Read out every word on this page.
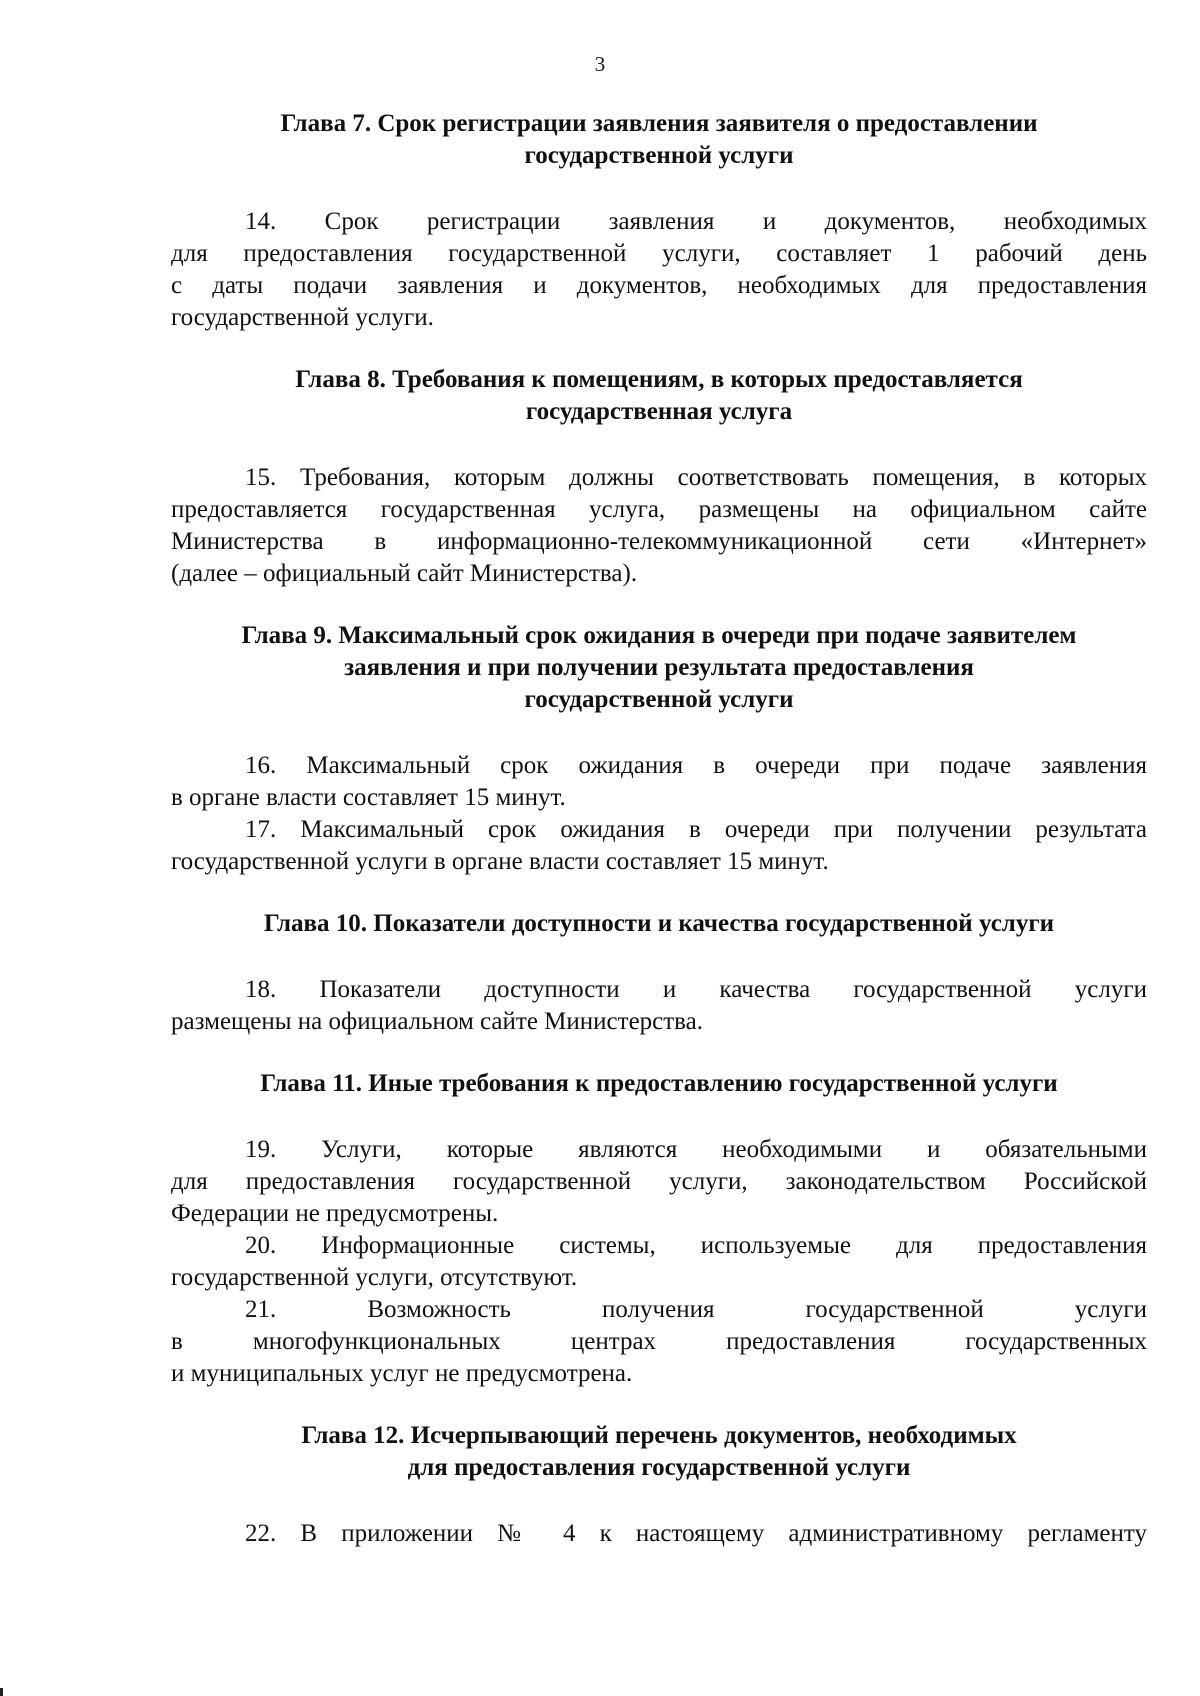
3
Глава 7. Срок регистрации заявления заявителя о предоставлении
государственной услуги

14. Срок регистрации заявления и документов, необходимых
для предоставления государственной услуги, составляет 1 рабочий день
с даты подачи заявления и документов, необходимых для предоставления
государственной услуги.

Глава 8. Требования к помещениям, в которых предоставляется
государственная услуга

15. Требования, которым должны соответствовать помещения, в которых
предоставляется государственная услуга, размещены на официальном сайте
Министерства в информационно-телекоммуникационной сети «Интернет»
(далее – официальный сайт Министерства).

Глава 9. Максимальный срок ожидания в очереди при подаче заявителем
заявления и при получении результата предоставления
государственной услуги

16. Максимальный срок ожидания в очереди при подаче заявления
в органе власти составляет 15 минут.

17. Максимальный срок ожидания в очереди при получении результата
государственной услуги в органе власти составляет 15 минут.

Глава 10. Показатели доступности и качества государственной услуги

18. Показатели доступности и качества государственной услуги
размещены на официальном сайте Министерства.

Глава 11. Иные требования к предоставлению государственной услуги

19. Услуги, которые являются необходимыми и обязательными
для предоставления государственной услуги, законодательством Российской
Федерации не предусмотрены.

20. Информационные системы, используемые для предоставления
государственной услуги, отсутствуют.

21. Возможность получения государственной услуги
в многофункциональных центрах предоставления государственных
и муниципальных услуг не предусмотрена.

Глава 12. Исчерпывающий перечень документов, необходимых
для предоставления государственной услуги

22. В приложении № 4 к настоящему административному регламенту
